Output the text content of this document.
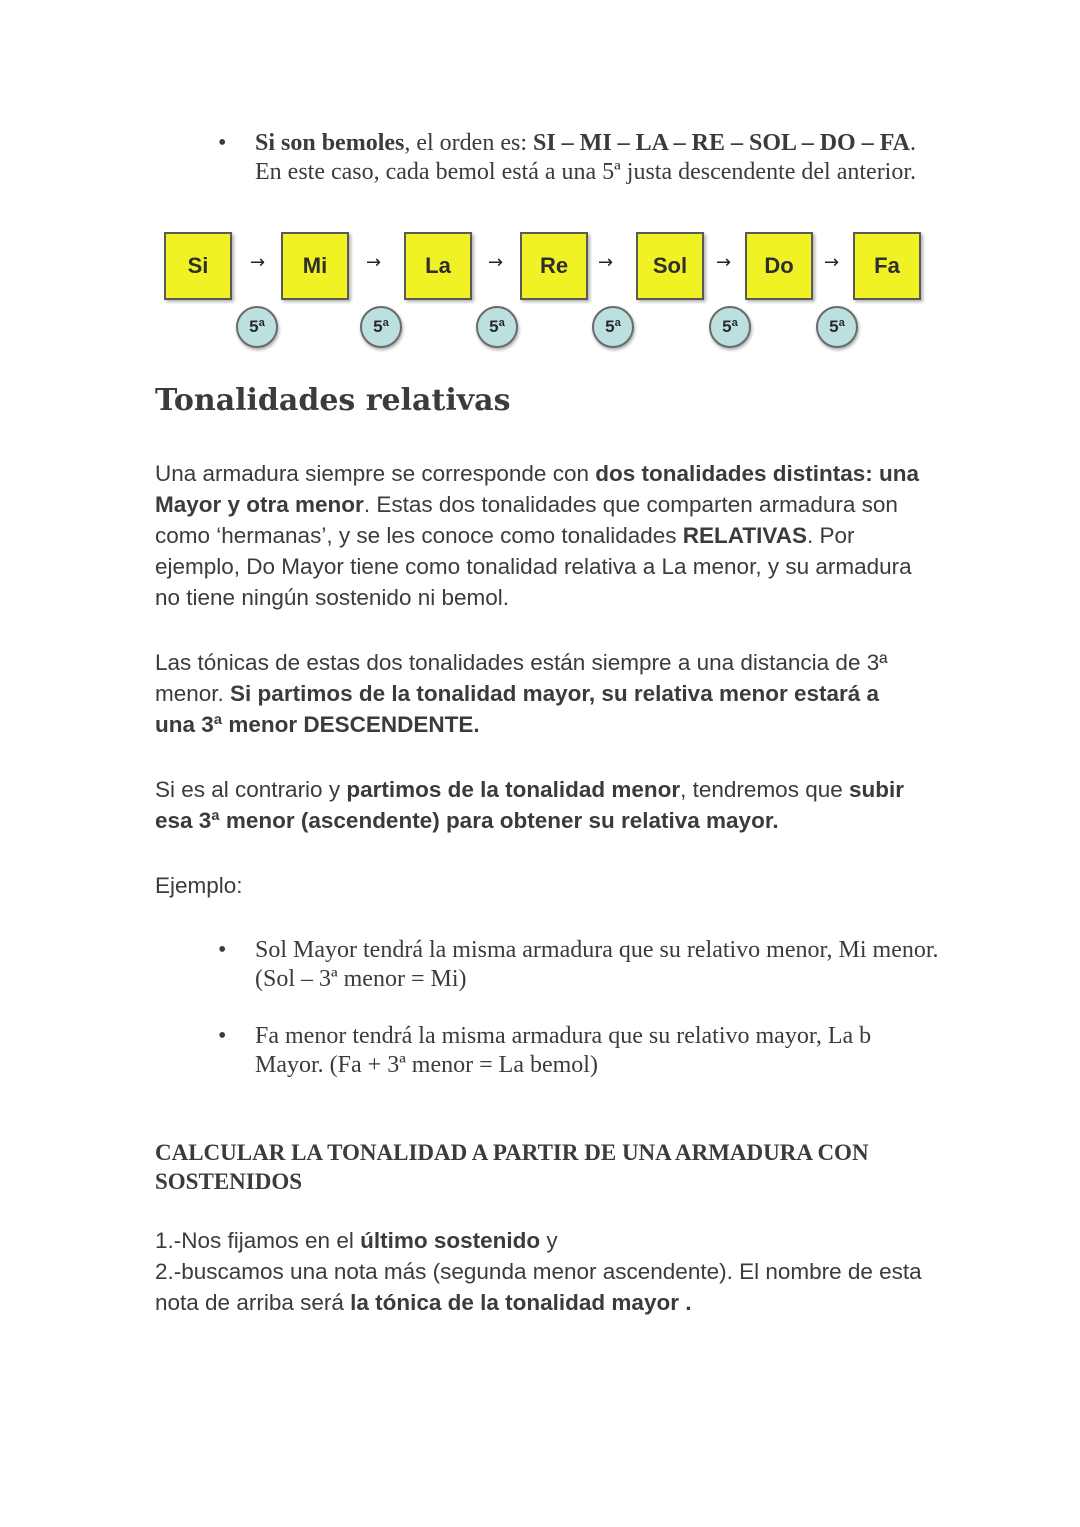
•	Si son bemoles, el orden es: SI – MI – LA – RE – SOL – DO – FA.
En este caso, cada bemol está a una 5ª justa descendente del anterior.
Si	→	Mi	→	La	→	Re	→	Sol	→	Do	→	Fa
5ª	5ª	5ª	5ª	5ª	5ª
Tonalidades relativas
Una armadura siempre se corresponde con dos tonalidades distintas: una Mayor y otra menor. Estas dos tonalidades que comparten armadura son como ‘hermanas’, y se les conoce como tonalidades RELATIVAS. Por ejemplo, Do Mayor tiene como tonalidad relativa a La menor, y su armadura no tiene ningún sostenido ni bemol.
Las tónicas de estas dos tonalidades están siempre a una distancia de 3ª menor. Si partimos de la tonalidad mayor, su relativa menor estará a una 3ª menor DESCENDENTE.
Si es al contrario y partimos de la tonalidad menor, tendremos que subir esa 3ª menor (ascendente) para obtener su relativa mayor.
Ejemplo:
•	Sol Mayor tendrá la misma armadura que su relativo menor, Mi menor. (Sol – 3ª menor = Mi)
•	Fa menor tendrá la misma armadura que su relativo mayor, La b Mayor. (Fa + 3ª menor = La bemol)
CALCULAR LA TONALIDAD A PARTIR DE UNA ARMADURA CON SOSTENIDOS
1.-Nos fijamos en el último sostenido y
2.-buscamos una nota más (segunda menor ascendente). El nombre de esta nota de arriba será la tónica de la tonalidad mayor .
